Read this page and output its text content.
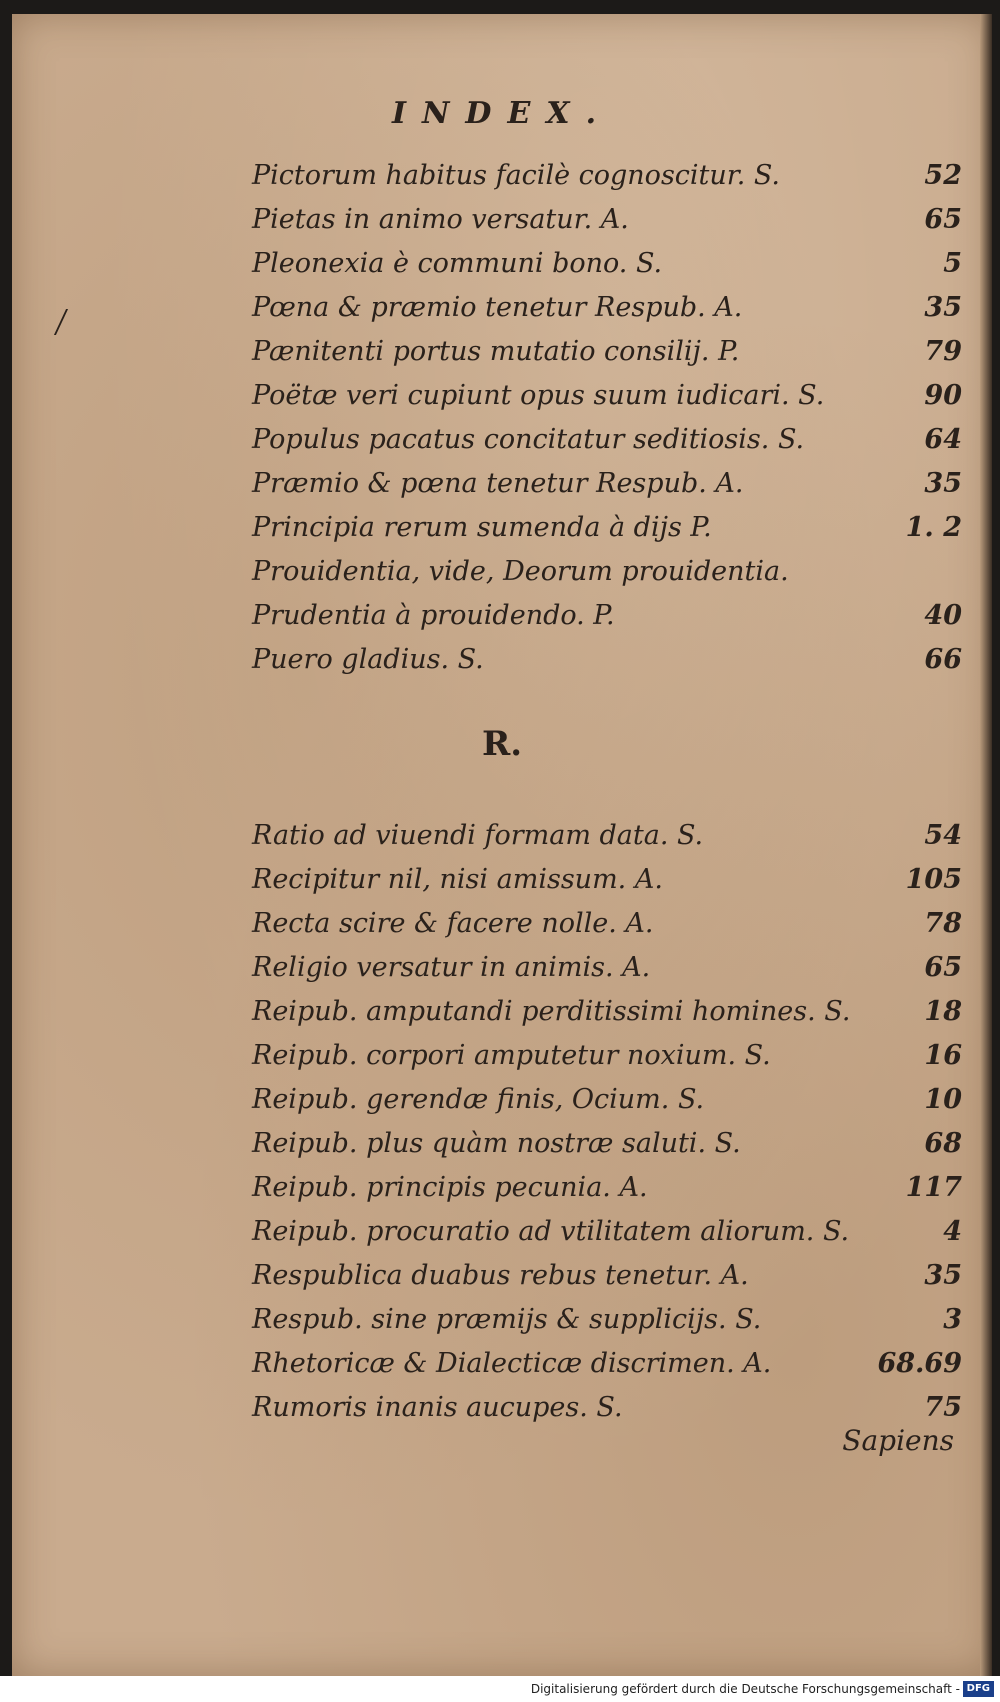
INDEX.
Pictorum habitus facilè cognoscitur. S.	52
Pietas in animo versatur. A.	65
Pleonexia è communi bono. S.	5
Pœna & præmio tenetur Respub. A.	35
Pænitenti portus mutatio consilij. P.	79
Poëtæ veri cupiunt opus suum iudicari. S.	90
Populus pacatus concitatur seditiosis. S.	64
Præmio & pœna tenetur Respub. A.	35
Principia rerum sumenda à dijs P.	1. 2
Prouidentia, vide, Deorum prouidentia.
Prudentia à prouidendo. P.	40
Puero gladius. S.	66
R.
Ratio ad viuendi formam data. S.	54
Recipitur nil, nisi amissum. A.	105
Recta scire & facere nolle. A.	78
Religio versatur in animis. A.	65
Reipub. amputandi perditissimi homines. S.	18
Reipub. corpori amputetur noxium. S.	16
Reipub. gerendæ finis, Ocium. S.	10
Reipub. plus quàm nostræ saluti. S.	68
Reipub. principis pecunia. A.	117
Reipub. procuratio ad vtilitatem aliorum. S.	4
Respublica duabus rebus tenetur. A.	35
Respub. sine præmijs & supplicijs. S.	3
Rhetoricæ & Dialecticæ discrimen. A.	68.69
Rumoris inanis aucupes. S.	75
Sapiens
Digitalisierung gefördert durch die Deutsche Forschungsgemeinschaft - DFG
